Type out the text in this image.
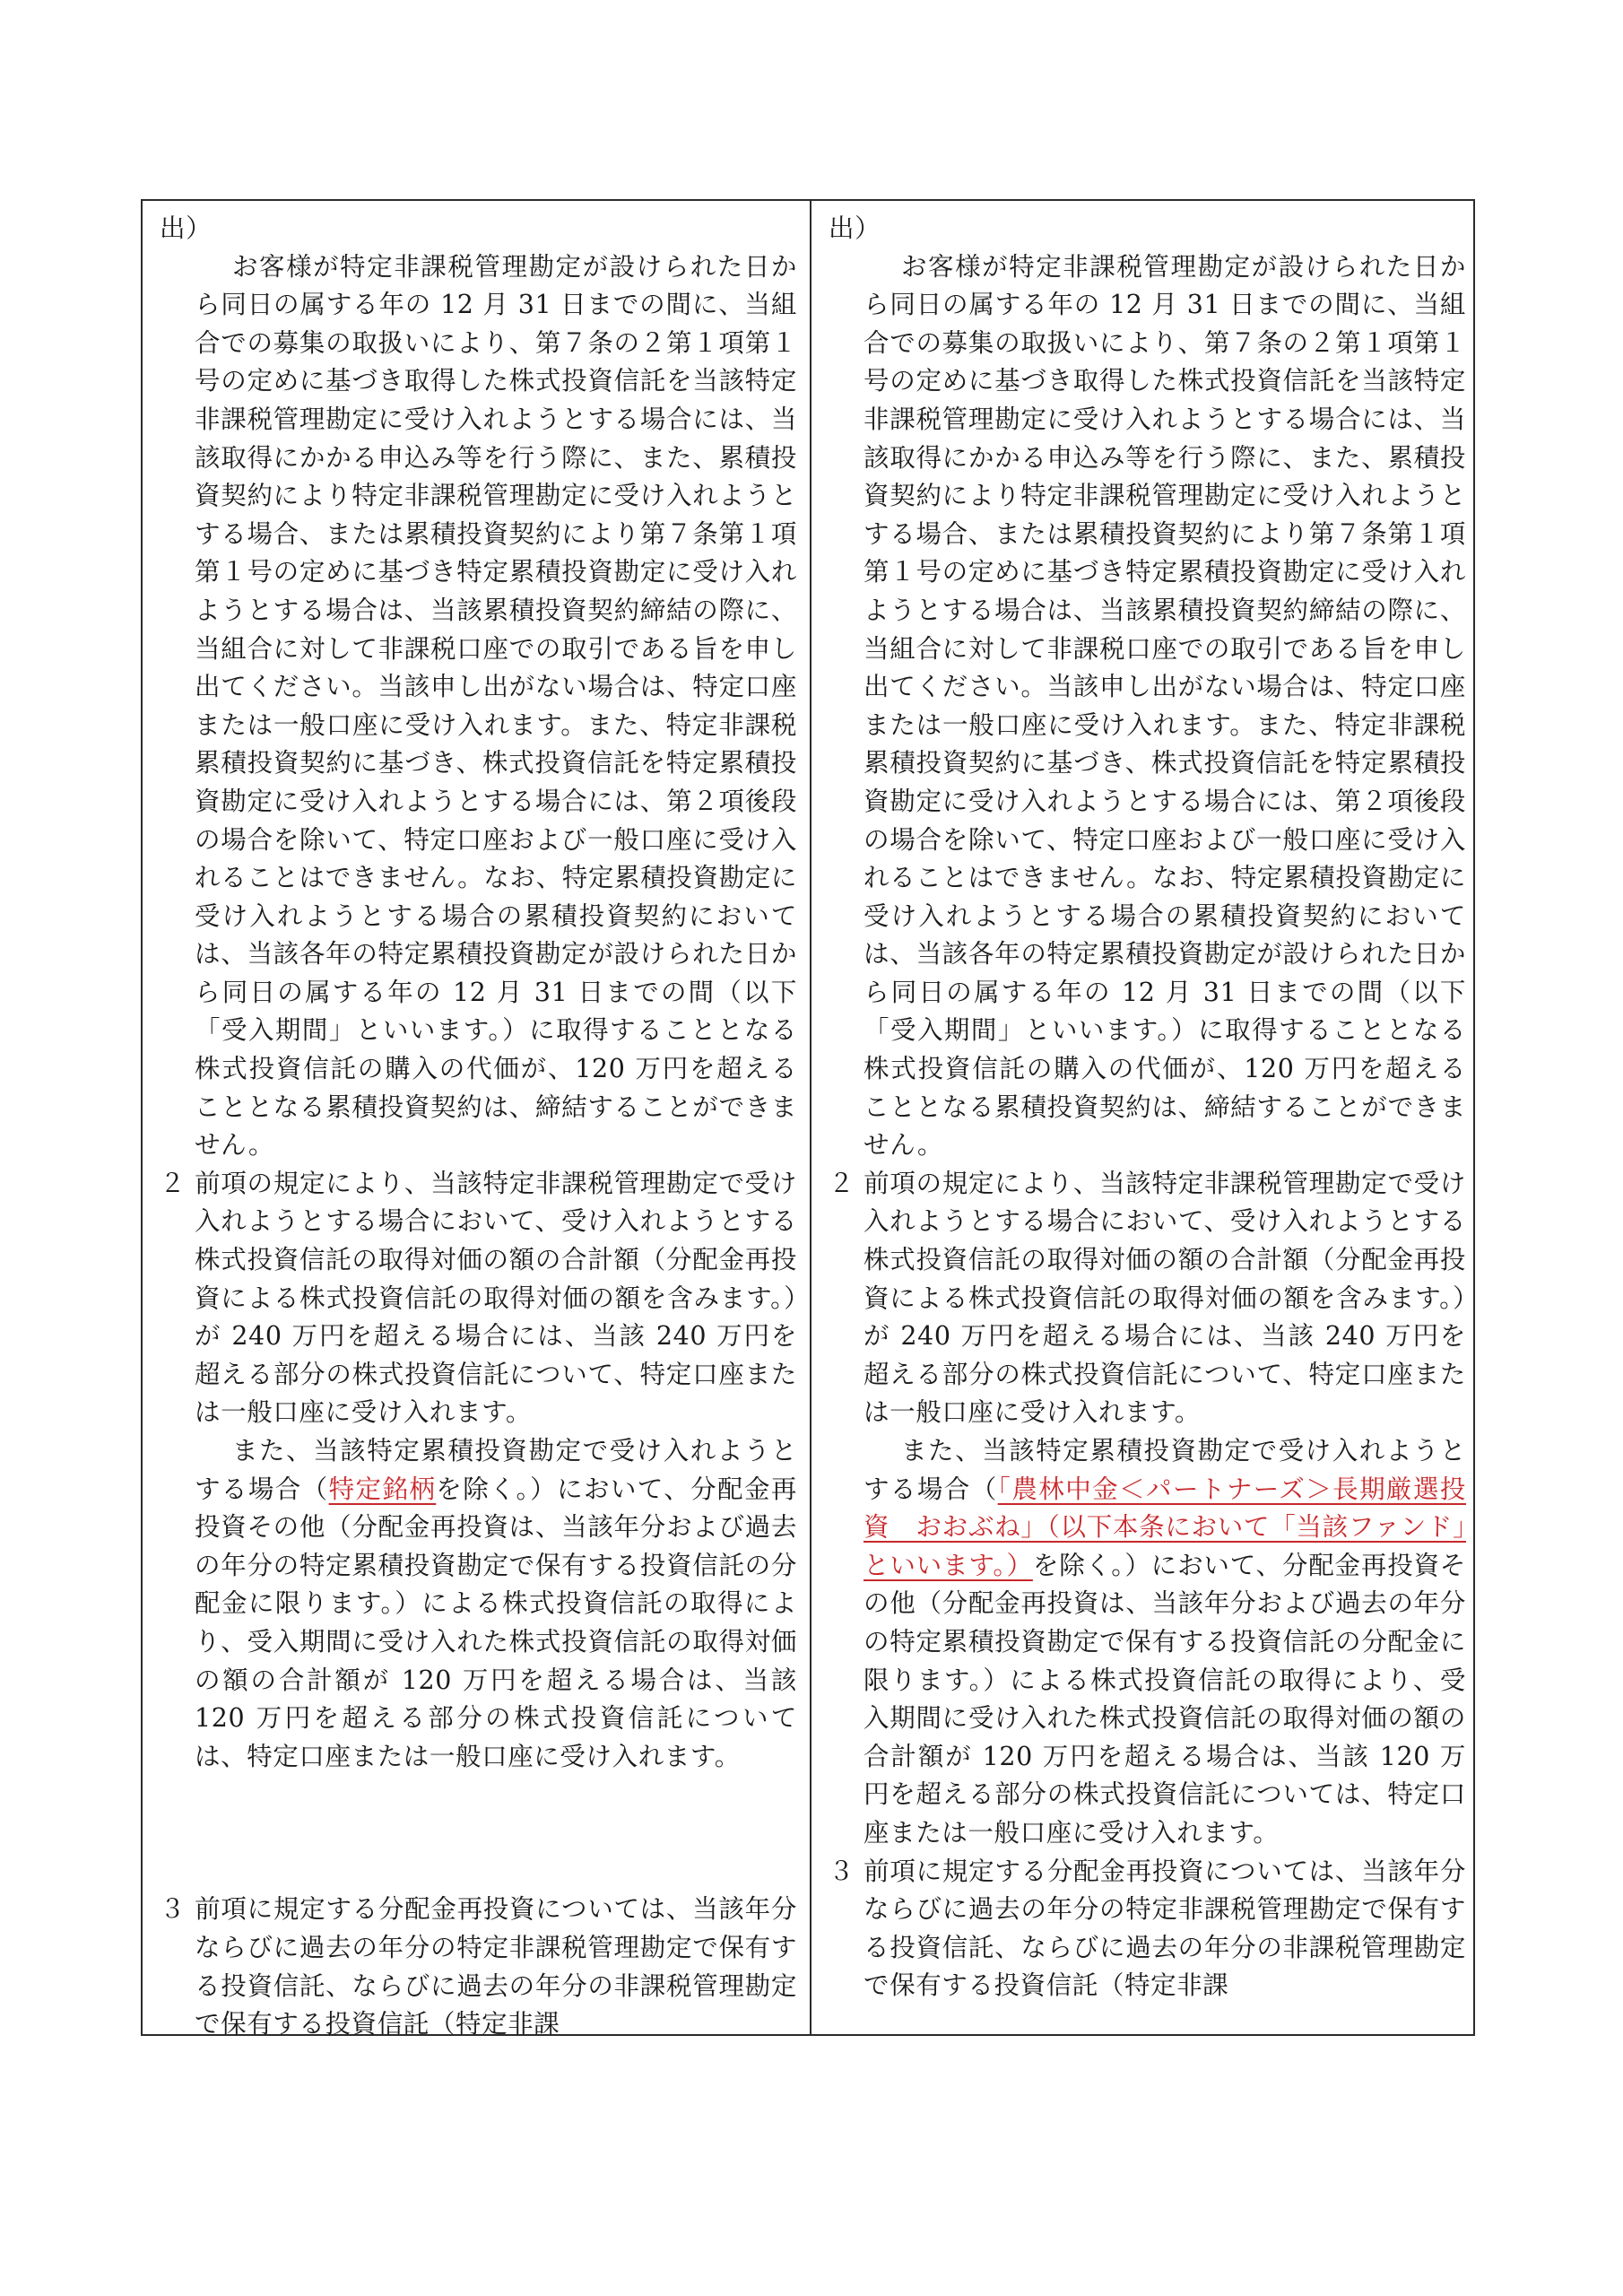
出）

お客様が特定非課税管理勘定が設けられた日から同日の属する年の 12 月 31 日までの間に、当組合での募集の取扱いにより、第７条の２第１項第１号の定めに基づき取得した株式投資信託を当該特定非課税管理勘定に受け入れようとする場合には、当該取得にかかる申込み等を行う際に、また、累積投資契約により特定非課税管理勘定に受け入れようとする場合、または累積投資契約により第７条第１項第１号の定めに基づき特定累積投資勘定に受け入れようとする場合は、当該累積投資契約締結の際に、当組合に対して非課税口座での取引である旨を申し出てください。当該申し出がない場合は、特定口座または一般口座に受け入れます。また、特定非課税累積投資契約に基づき、株式投資信託を特定累積投資勘定に受け入れようとする場合には、第２項後段の場合を除いて、特定口座および一般口座に受け入れることはできません。なお、特定累積投資勘定に受け入れようとする場合の累積投資契約においては、当該各年の特定累積投資勘定が設けられた日から同日の属する年の 12 月 31 日までの間（以下「受入期間」といいます。）に取得することとなる株式投資信託の購入の代価が、120 万円を超えることとなる累積投資契約は、締結することができません。

２ 前項の規定により、当該特定非課税管理勘定で受け入れようとする場合において、受け入れようとする株式投資信託の取得対価の額の合計額（分配金再投資による株式投資信託の取得対価の額を含みます。）が 240 万円を超える場合には、当該 240 万円を超える部分の株式投資信託について、特定口座または一般口座に受け入れます。

また、当該特定累積投資勘定で受け入れようとする場合（特定銘柄を除く。）において、分配金再投資その他（分配金再投資は、当該年分および過去の年分の特定累積投資勘定で保有する投資信託の分配金に限ります。）による株式投資信託の取得により、受入期間に受け入れた株式投資信託の取得対価の額の合計額が 120 万円を超える場合は、当該 120 万円を超える部分の株式投資信託については、特定口座または一般口座に受け入れます。

３ 前項に規定する分配金再投資については、当該年分ならびに過去の年分の特定非課税管理勘定で保有する投資信託、ならびに過去の年分の非課税管理勘定で保有する投資信託（特定非課

出）

お客様が特定非課税管理勘定が設けられた日から同日の属する年の 12 月 31 日までの間に、当組合での募集の取扱いにより、第７条の２第１項第１号の定めに基づき取得した株式投資信託を当該特定非課税管理勘定に受け入れようとする場合には、当該取得にかかる申込み等を行う際に、また、累積投資契約により特定非課税管理勘定に受け入れようとする場合、または累積投資契約により第７条第１項第１号の定めに基づき特定累積投資勘定に受け入れようとする場合は、当該累積投資契約締結の際に、当組合に対して非課税口座での取引である旨を申し出てください。当該申し出がない場合は、特定口座または一般口座に受け入れます。また、特定非課税累積投資契約に基づき、株式投資信託を特定累積投資勘定に受け入れようとする場合には、第２項後段の場合を除いて、特定口座および一般口座に受け入れることはできません。なお、特定累積投資勘定に受け入れようとする場合の累積投資契約においては、当該各年の特定累積投資勘定が設けられた日から同日の属する年の 12 月 31 日までの間（以下「受入期間」といいます。）に取得することとなる株式投資信託の購入の代価が、120 万円を超えることとなる累積投資契約は、締結することができません。

２ 前項の規定により、当該特定非課税管理勘定で受け入れようとする場合において、受け入れようとする株式投資信託の取得対価の額の合計額（分配金再投資による株式投資信託の取得対価の額を含みます。）が 240 万円を超える場合には、当該 240 万円を超える部分の株式投資信託について、特定口座または一般口座に受け入れます。

また、当該特定累積投資勘定で受け入れようとする場合（「農林中金＜パートナーズ＞長期厳選投資　おおぶね」（以下本条において「当該ファンド」といいます。）を除く。）において、分配金再投資その他（分配金再投資は、当該年分および過去の年分の特定累積投資勘定で保有する投資信託の分配金に限ります。）による株式投資信託の取得により、受入期間に受け入れた株式投資信託の取得対価の額の合計額が 120 万円を超える場合は、当該 120 万円を超える部分の株式投資信託については、特定口座または一般口座に受け入れます。

３ 前項に規定する分配金再投資については、当該年分ならびに過去の年分の特定非課税管理勘定で保有する投資信託、ならびに過去の年分の非課税管理勘定で保有する投資信託（特定非課
